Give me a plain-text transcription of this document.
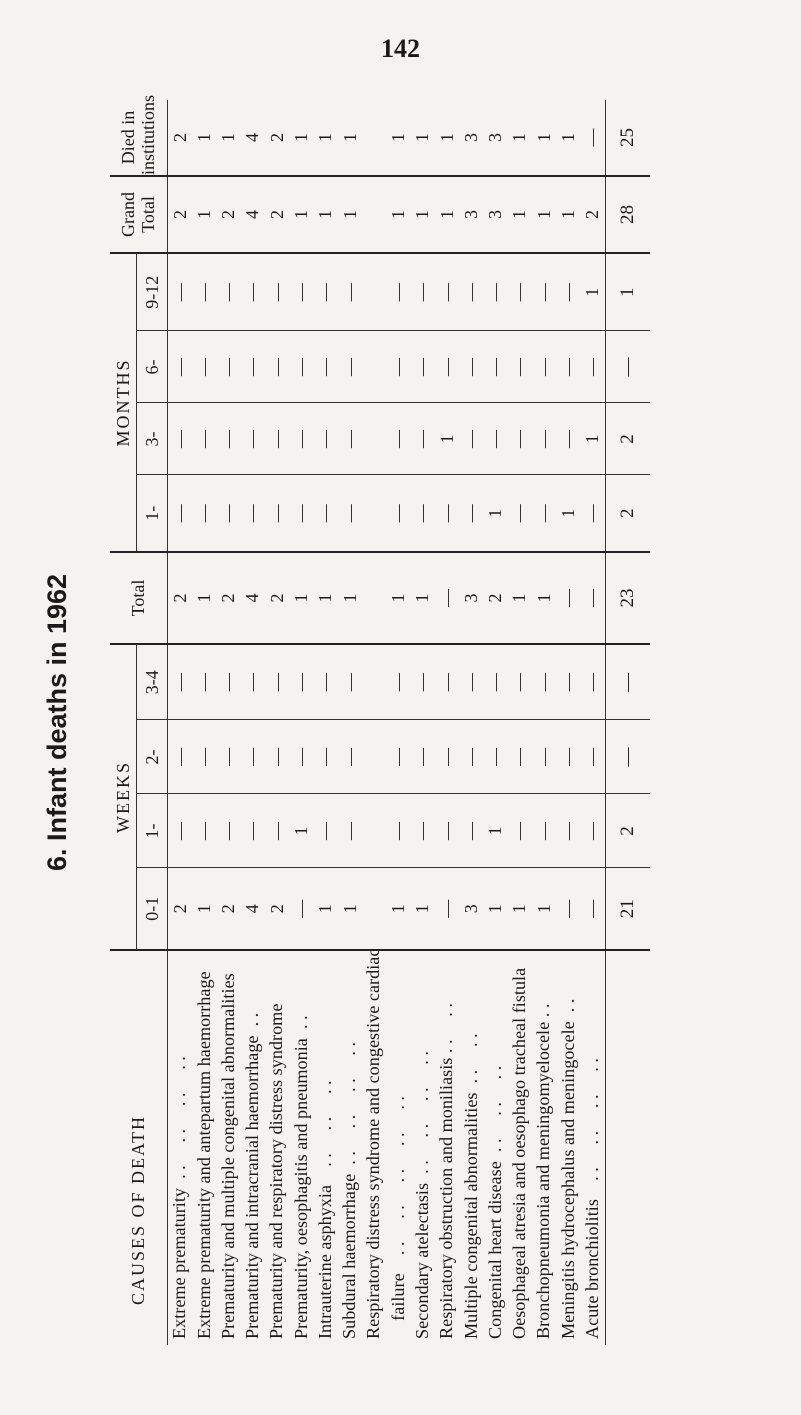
142
6. Infant deaths in 1962
CAUSES OF DEATH	WEEKS				Total	MONTHS				Grand Total	Died in institutions
	0-1	1-	2-	3-4		1-	3-	6-	9-12		
Extreme prematurity  . .     . .     . .     . .	2	—	—	—	2	—	—	—	—	2	2
Extreme prematurity and antepartum haemorrhage	1	—	—	—	1	—	—	—	—	1	1
Prematurity and multiple congenital abnormalities	2	—	—	—	2	—	—	—	—	2	1
Prematurity and intracranial haemorrhage  . .	4	—	—	—	4	—	—	—	—	4	4
Prematurity and respiratory distress syndrome	2	—	—	—	2	—	—	—	—	2	2
Prematurity, oesophagitis and pneumonia  . .	—	1	—	—	1	—	—	—	—	1	1
Intrauterine asphyxia    . .     . .     . .	1	—	—	—	1	—	—	—	—	1	1
Subdural haemorrhage  . .     . .     . .     . .	1	—	—	—	1	—	—	—	—	1	1
Respiratory distress syndrome and congestive cardiac											
failure    . .     . .     . .     . .     . .	1	—	—	—	1	—	—	—	—	1	1
Secondary atelectasis  . .     . .     . .     . .	1	—	—	—	1	—	—	—	—	1	1
Respiratory obstruction and moniliasis . .     . .	—	—	—	—	—	—	1	—	—	1	1
Multiple congenital abnormalities  . .     . .	3	—	—	—	3	—	—	—	—	3	3
Congenital heart disease  . .     . .     . .	1	1	—	—	2	1	—	—	—	3	3
Oesophageal atresia and oesophago tracheal fistula	1	—	—	—	1	—	—	—	—	1	1
Bronchopneumonia and meningomyelocele . .	1	—	—	—	1	—	—	—	—	1	1
Meningitis hydrocephalus and meningocele  . .	—	—	—	—	—	1	—	—	—	1	1
Acute bronchiolitis    . .     . .     . .     . .	—	—	—	—	—	—	1	—	1	2	—
	21	2	—	—	23	2	2	—	1	28	25
